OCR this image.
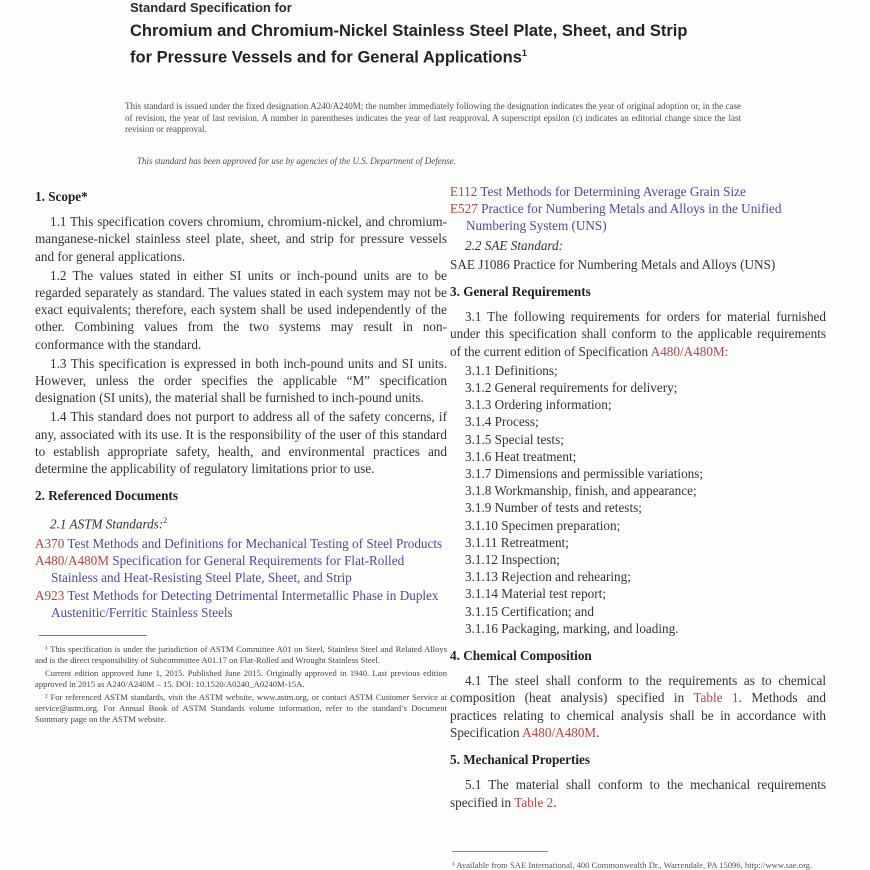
Standard Specification for
Chromium and Chromium-Nickel Stainless Steel Plate, Sheet, and Strip for Pressure Vessels and for General Applications$^1$
This standard is issued under the fixed designation A240/A240M; the number immediately following the designation indicates the year of original adoption or, in the case of revision, the year of last revision. A number in parentheses indicates the year of last reapproval. A superscript epsilon (ε) indicates an editorial change since the last revision or reapproval.
This standard has been approved for use by agencies of the U.S. Department of Defense.
1. Scope*

1.1 This specification covers chromium, chromium-nickel, and chromium-manganese-nickel stainless steel plate, sheet, and strip for pressure vessels and for general applications.

1.2 The values stated in either SI units or inch-pound units are to be regarded separately as standard. The values stated in each system may not be exact equivalents; therefore, each system shall be used independently of the other. Combining values from the two systems may result in non-conformance with the standard.

1.3 This specification is expressed in both inch-pound units and SI units. However, unless the order specifies the applicable “M” specification designation (SI units), the material shall be furnished to inch-pound units.

1.4 This standard does not purport to address all of the safety concerns, if any, associated with its use. It is the responsibility of the user of this standard to establish appropriate safety, health, and environmental practices and determine the applicability of regulatory limitations prior to use.

2. Referenced Documents

2.1 ASTM Standards:$^2$

A370 Test Methods and Definitions for Mechanical Testing of Steel Products

A480/A480M Specification for General Requirements for Flat-Rolled Stainless and Heat-Resisting Steel Plate, Sheet, and Strip

A923 Test Methods for Detecting Detrimental Intermetallic Phase in Duplex Austenitic/Ferritic Stainless Steels

¹ This specification is under the jurisdiction of ASTM Committee A01 on Steel, Stainless Steel and Related Alloys and is the direct responsibility of Subcommittee A01.17 on Flat-Rolled and Wrought Stainless Steel.

Current edition approved June 1, 2015. Published June 2015. Originally approved in 1940. Last previous edition approved in 2015 as A240/A240M – 15. DOI: 10.1520/A0240_A0240M-15A.

² For referenced ASTM standards, visit the ASTM website, www.astm.org, or contact ASTM Customer Service at service@astm.org. For Annual Book of ASTM Standards volume information, refer to the standard’s Document Summary page on the ASTM website.

E112 Test Methods for Determining Average Grain Size

E527 Practice for Numbering Metals and Alloys in the Unified Numbering System (UNS)

2.2 SAE Standard:

SAE J1086 Practice for Numbering Metals and Alloys (UNS)

3. General Requirements

3.1 The following requirements for orders for material furnished under this specification shall conform to the applicable requirements of the current edition of Specification A480/A480M:

3.1.1 Definitions;
3.1.2 General requirements for delivery;
3.1.3 Ordering information;
3.1.4 Process;
3.1.5 Special tests;
3.1.6 Heat treatment;
3.1.7 Dimensions and permissible variations;
3.1.8 Workmanship, finish, and appearance;
3.1.9 Number of tests and retests;
3.1.10 Specimen preparation;
3.1.11 Retreatment;
3.1.12 Inspection;
3.1.13 Rejection and rehearing;
3.1.14 Material test report;
3.1.15 Certification; and
3.1.16 Packaging, marking, and loading.
4. Chemical Composition

4.1 The steel shall conform to the requirements as to chemical composition (heat analysis) specified in Table 1. Methods and practices relating to chemical analysis shall be in accordance with Specification A480/A480M.

5. Mechanical Properties

5.1 The material shall conform to the mechanical requirements specified in Table 2.

³ Available from SAE International, 400 Commonwealth Dr., Warrendale, PA 15096, http://www.sae.org.
